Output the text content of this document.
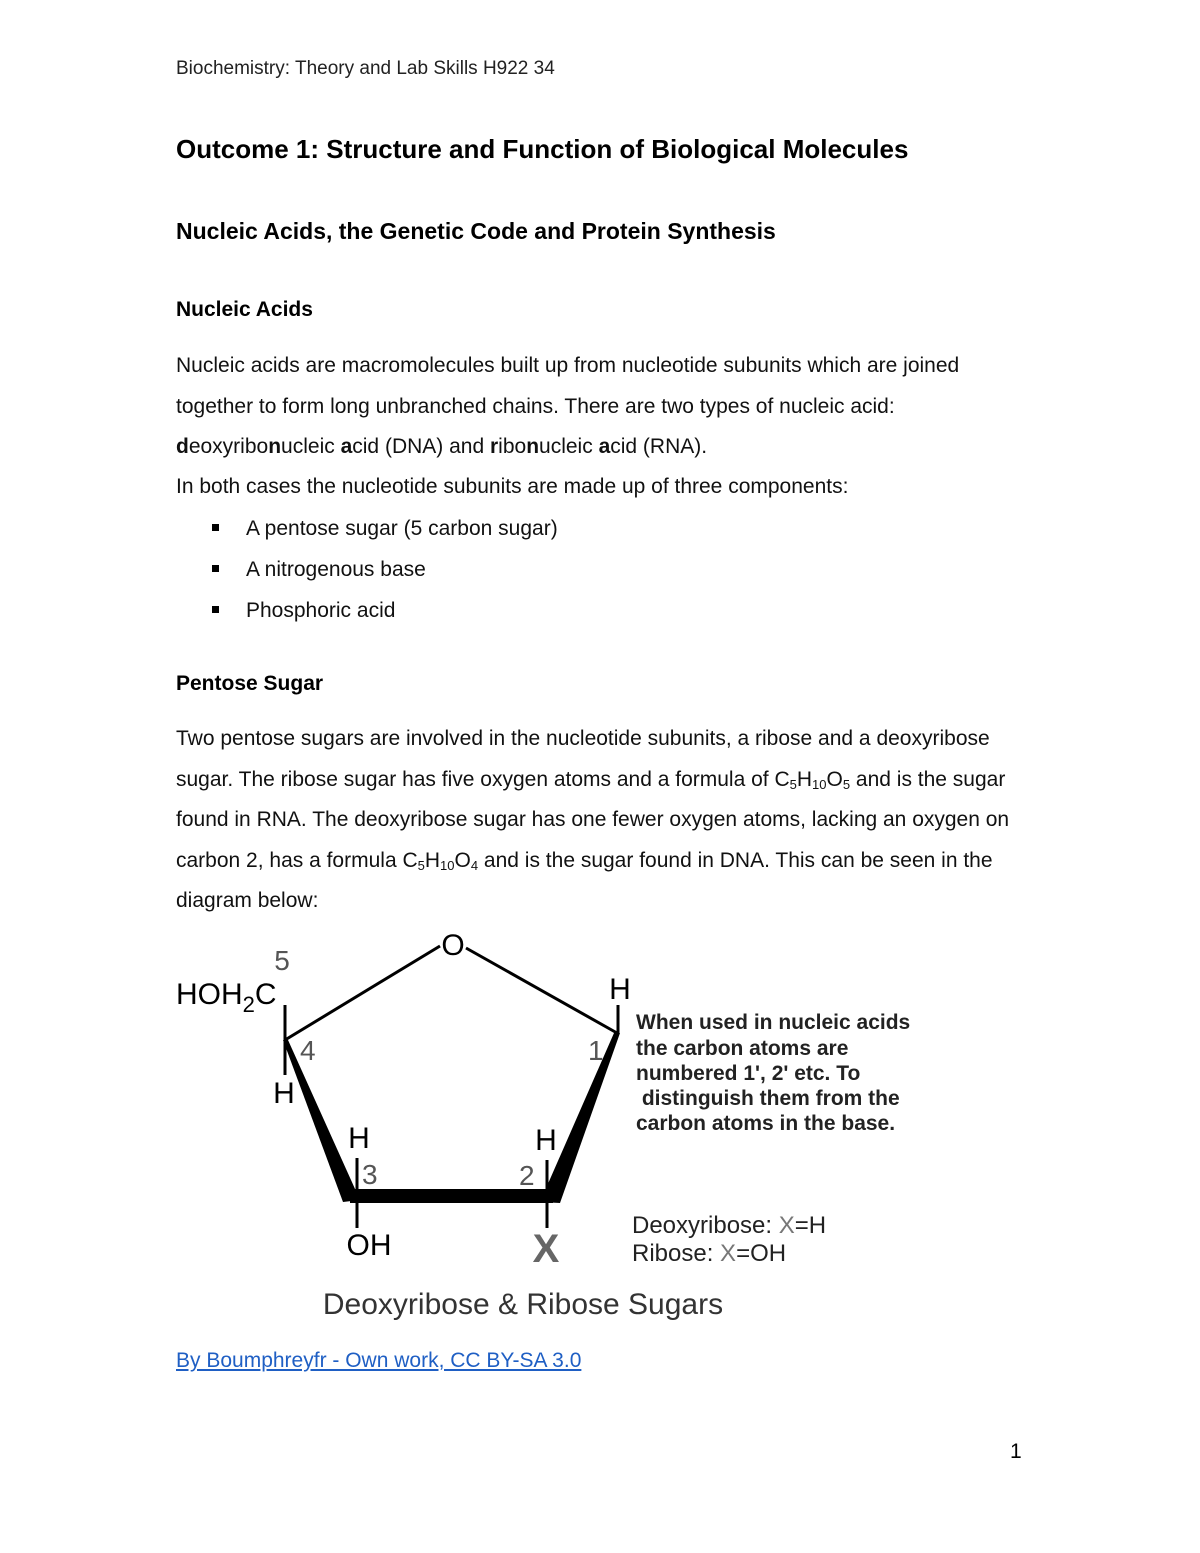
Biochemistry: Theory and Lab Skills H922 34
Outcome 1: Structure and Function of Biological Molecules
Nucleic Acids, the Genetic Code and Protein Synthesis
Nucleic Acids
Nucleic acids are macromolecules built up from nucleotide subunits which are joined together to form long unbranched chains. There are two types of nucleic acid: deoxyribonucleic acid (DNA) and ribonucleic acid (RNA).
In both cases the nucleotide subunits are made up of three components:
A pentose sugar (5 carbon sugar)
A nitrogenous base
Phosphoric acid
Pentose Sugar
Two pentose sugars are involved in the nucleotide subunits, a ribose and a deoxyribose sugar. The ribose sugar has five oxygen atoms and a formula of $C_5H_{10}O_5$ and is the sugar found in RNA. The deoxyribose sugar has one fewer oxygen atoms, lacking an oxygen on carbon 2, has a formula $C_5H_{10}O_4$ and is the sugar found in DNA. This can be seen in the diagram below:
O
5
$HOH_2C$	H
4	1
H
H	H
3	2
OH	X
When used in nucleic acids
the carbon atoms are
numbered 1', 2' etc. To
distinguish them from the
carbon atoms in the base.
Deoxyribose: X=H
Ribose: X=OH
Deoxyribose & Ribose Sugars
By Boumphreyfr - Own work, CC BY-SA 3.0
1
